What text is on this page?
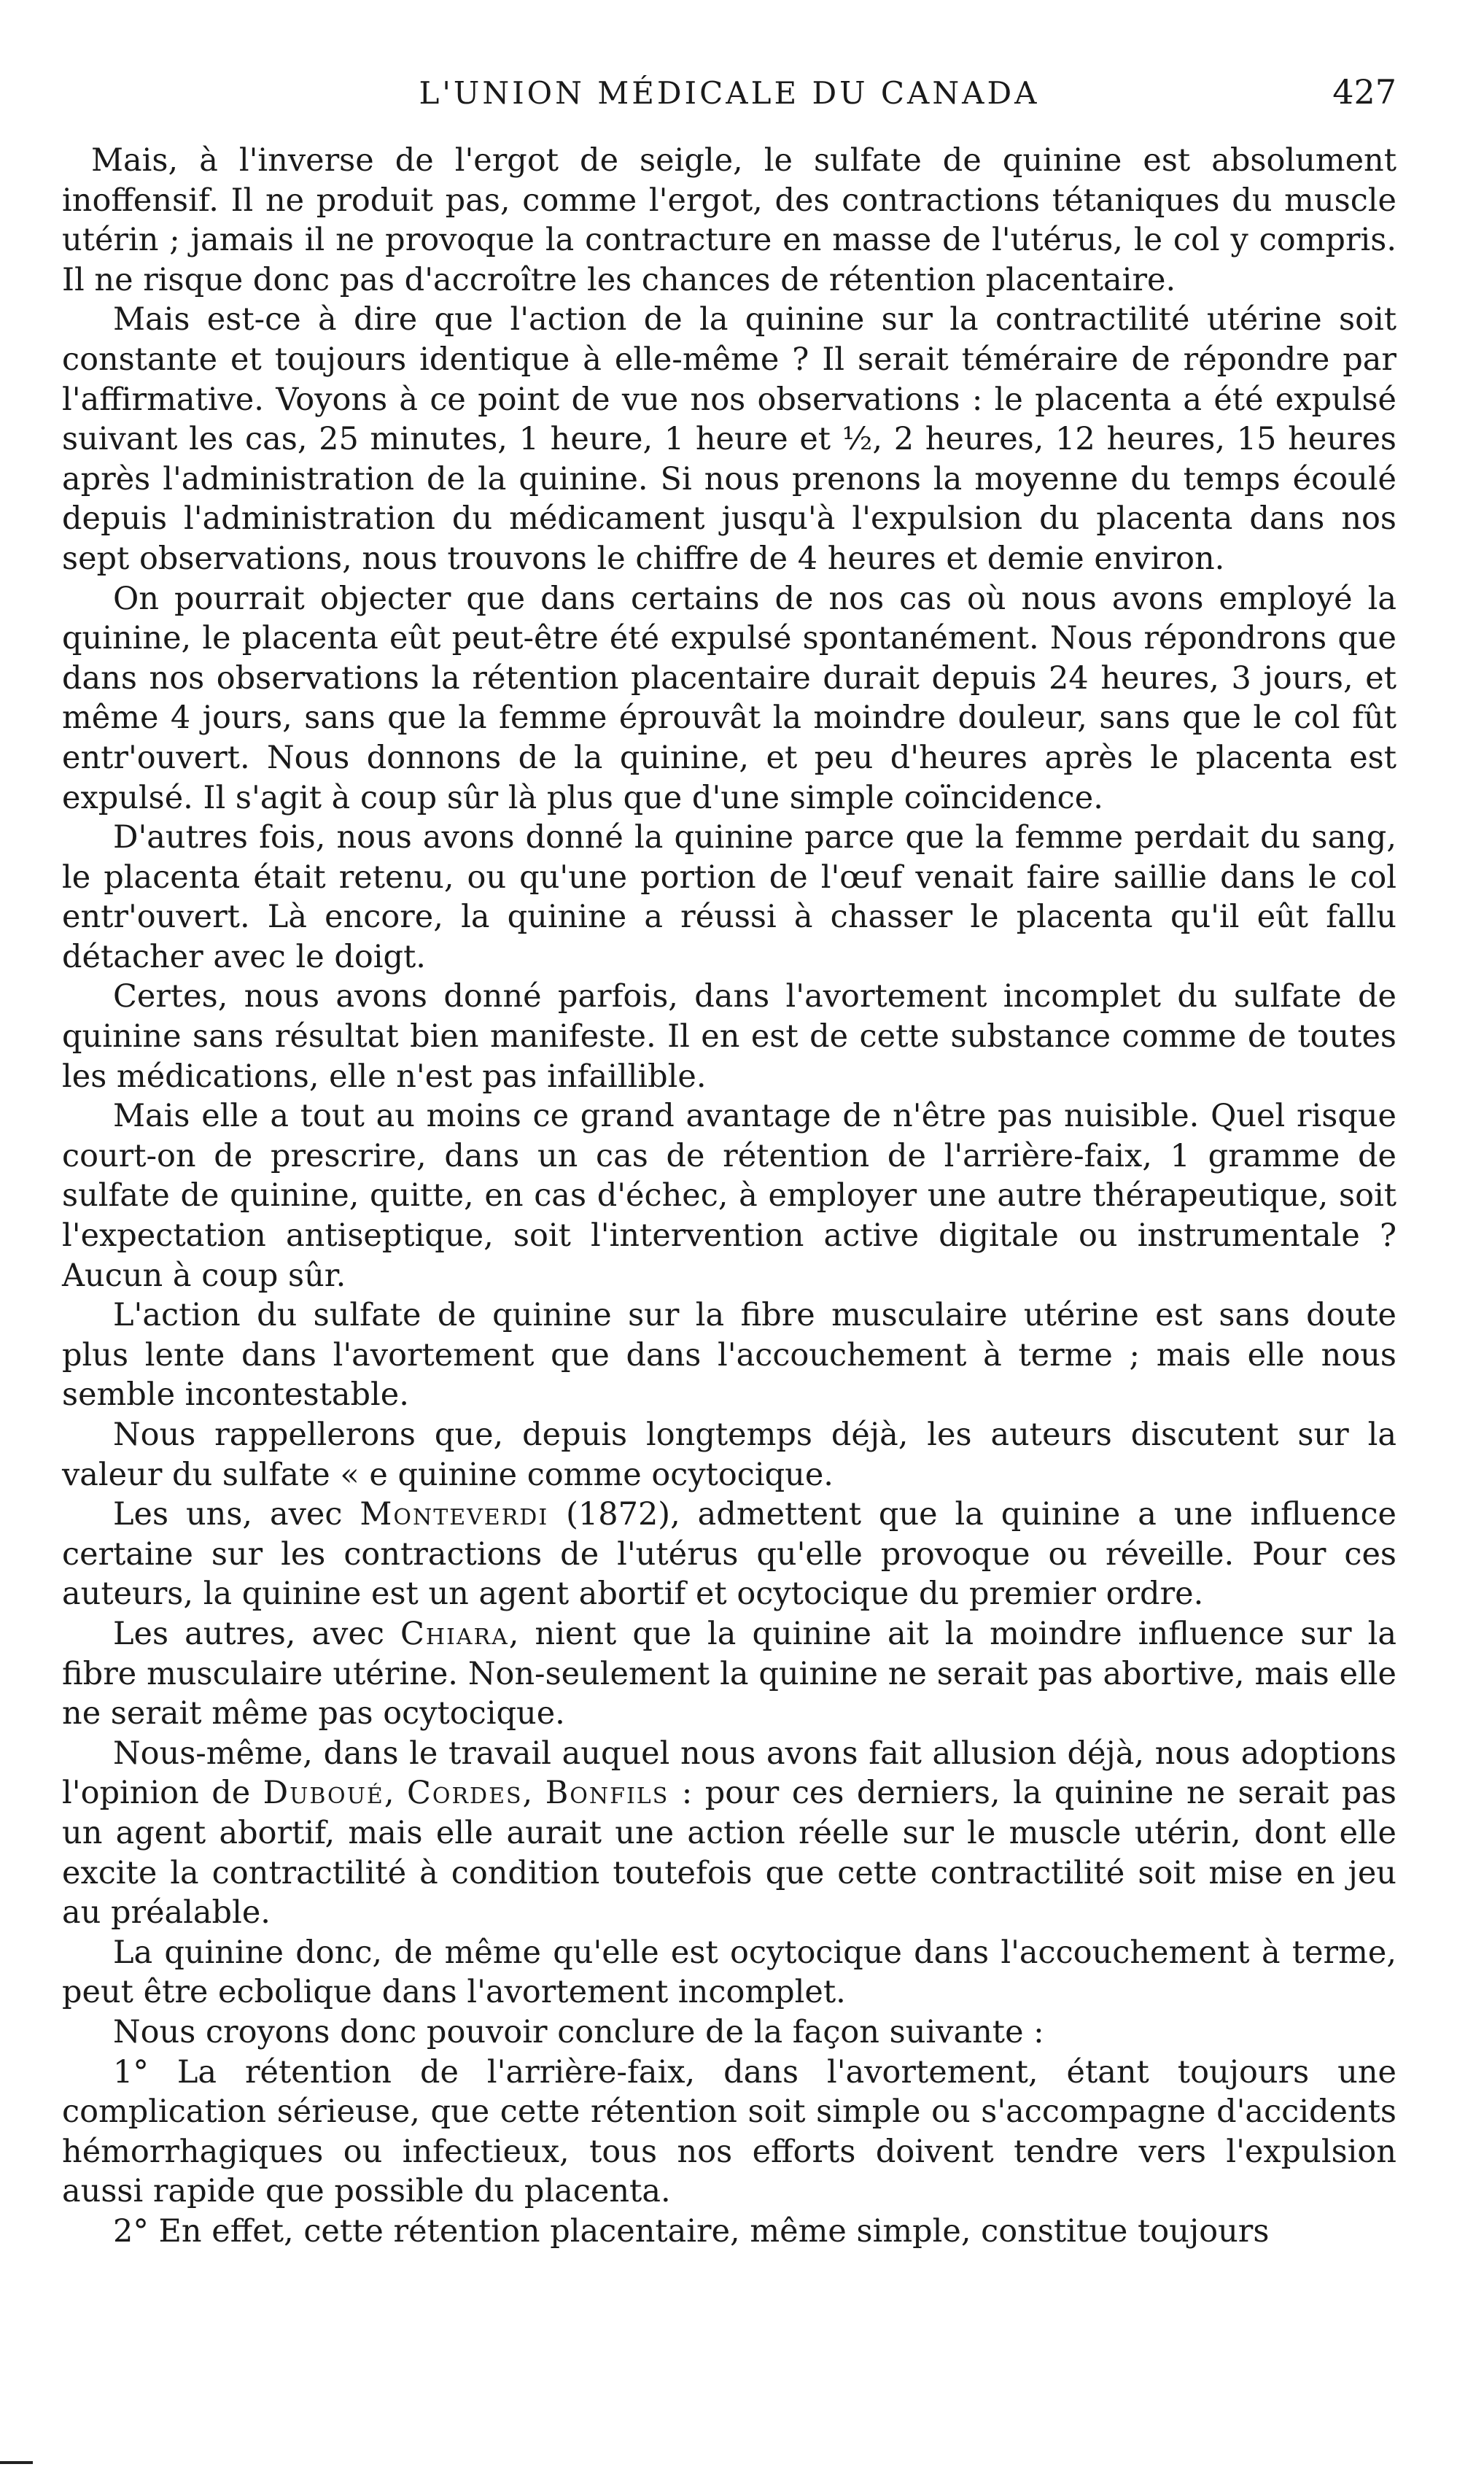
L'UNION MÉDICALE DU CANADA	427

Mais, à l'inverse de l'ergot de seigle, le sulfate de quinine est absolument inoffensif. Il ne produit pas, comme l'ergot, des contractions tétaniques du muscle utérin ; jamais il ne provoque la contracture en masse de l'utérus, le col y compris. Il ne risque donc pas d'accroître les chances de rétention placentaire.

Mais est-ce à dire que l'action de la quinine sur la contractilité utérine soit constante et toujours identique à elle-même ? Il serait téméraire de répondre par l'affirmative. Voyons à ce point de vue nos observations : le placenta a été expulsé suivant les cas, 25 minutes, 1 heure, 1 heure et ½, 2 heures, 12 heures, 15 heures après l'administration de la quinine. Si nous prenons la moyenne du temps écoulé depuis l'administration du médicament jusqu'à l'expulsion du placenta dans nos sept observations, nous trouvons le chiffre de 4 heures et demie environ.

On pourrait objecter que dans certains de nos cas où nous avons employé la quinine, le placenta eût peut-être été expulsé spontanément. Nous répondrons que dans nos observations la rétention placentaire durait depuis 24 heures, 3 jours, et même 4 jours, sans que la femme éprouvât la moindre douleur, sans que le col fût entr'ouvert. Nous donnons de la quinine, et peu d'heures après le placenta est expulsé. Il s'agit à coup sûr là plus que d'une simple coïncidence.

D'autres fois, nous avons donné la quinine parce que la femme perdait du sang, le placenta était retenu, ou qu'une portion de l'œuf venait faire saillie dans le col entr'ouvert. Là encore, la quinine a réussi à chasser le placenta qu'il eût fallu détacher avec le doigt.

Certes, nous avons donné parfois, dans l'avortement incomplet du sulfate de quinine sans résultat bien manifeste. Il en est de cette substance comme de toutes les médications, elle n'est pas infaillible.

Mais elle a tout au moins ce grand avantage de n'être pas nuisible. Quel risque court-on de prescrire, dans un cas de rétention de l'arrière-faix, 1 gramme de sulfate de quinine, quitte, en cas d'échec, à employer une autre thérapeutique, soit l'expectation antiseptique, soit l'intervention active digitale ou instrumentale ? Aucun à coup sûr.

L'action du sulfate de quinine sur la fibre musculaire utérine est sans doute plus lente dans l'avortement que dans l'accouchement à terme ; mais elle nous semble incontestable.

Nous rappellerons que, depuis longtemps déjà, les auteurs discutent sur la valeur du sulfate « e quinine comme ocytocique.

Les uns, avec Monteverdi (1872), admettent que la quinine a une influence certaine sur les contractions de l'utérus qu'elle provoque ou réveille. Pour ces auteurs, la quinine est un agent abortif et ocytocique du premier ordre.

Les autres, avec Chiara, nient que la quinine ait la moindre influence sur la fibre musculaire utérine. Non-seulement la quinine ne serait pas abortive, mais elle ne serait même pas ocytocique.

Nous-même, dans le travail auquel nous avons fait allusion déjà, nous adoptions l'opinion de Duboué, Cordes, Bonfils : pour ces derniers, la quinine ne serait pas un agent abortif, mais elle aurait une action réelle sur le muscle utérin, dont elle excite la contractilité à condition toutefois que cette contractilité soit mise en jeu au préalable.

La quinine donc, de même qu'elle est ocytocique dans l'accouchement à terme, peut être ecbolique dans l'avortement incomplet.

Nous croyons donc pouvoir conclure de la façon suivante :

1° La rétention de l'arrière-faix, dans l'avortement, étant toujours une complication sérieuse, que cette rétention soit simple ou s'accompagne d'accidents hémorrhagiques ou infectieux, tous nos efforts doivent tendre vers l'expulsion aussi rapide que possible du placenta.

2° En effet, cette rétention placentaire, même simple, constitue toujours
